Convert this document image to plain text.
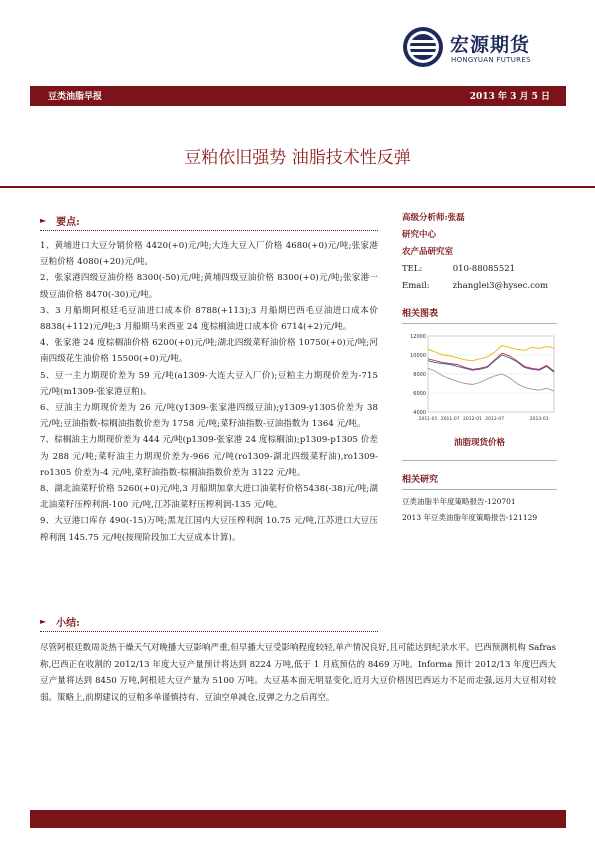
宏源期货
HONGYUAN FUTURES
豆类油脂早报	2013 年 3 月 5 日
豆粕依旧强势 油脂技术性反弹
► 要点:
1、黄埔进口大豆分销价格 4420(+0)元/吨;大连大豆入厂价格 4680(+0)元/吨;张家港豆粕价格 4080(+20)元/吨。
2、张家港四级豆油价格 8300(-50)元/吨;黄埔四级豆油价格 8300(+0)元/吨;张家港一级豆油价格 8470(-30)元/吨。
3、3 月船期阿根廷毛豆油进口成本价 8788(+113);3 月船期巴西毛豆油进口成本价 8838(+112)元/吨;3 月船期马来西亚 24 度棕榈油进口成本价 6714(+2)元/吨。
4、张家港 24 度棕榈油价格 6200(+0)元/吨;湖北四级菜籽油价格 10750(+0)元/吨;河南四级花生油价格 15500(+0)元/吨。
5、豆一主力期现价差为 59 元/吨(a1309-大连大豆入厂价);豆粕主力期现价差为-715 元/吨(m1309-张家港豆粕)。
6、豆油主力期现价差为 26 元/吨(y1309-张家港四级豆油);y1309-y1305价差为 38 元/吨;豆油指数-棕榈油指数价差为 1758 元/吨;菜籽油指数-豆油指数为 1364 元/吨。
7、棕榈油主力期现价差为 444 元/吨(p1309-张家港 24 度棕榈油);p1309-p1305 价差为 288 元/吨;菜籽油主力期现价差为-966 元/吨(ro1309-湖北四级菜籽油),ro1309-ro1305 价差为-4 元/吨,菜籽油指数-棕榈油指数价差为 3122 元/吨。
8、湖北油菜籽价格 5260(+0)元/吨,3 月船期加拿大进口油菜籽价格5438(-38)元/吨;湖北油菜籽压榨利润-100 元/吨,江苏油菜籽压榨利润-135 元/吨。
9、大豆港口库存 490(-15)万吨;黑龙江国内大豆压榨利润 10.75 元/吨,江苏进口大豆压榨利润 145.75 元/吨(按现阶段加工大豆成本计算)。
► 小结:
尽管阿根廷数周炎热干燥天气对晚播大豆影响严重,但早播大豆受影响程度较轻,单产情况良好,且可能达到纪录水平。巴西预测机构 Safras 称,巴西正在收割的 2012/13 年度大豆产量预计将达到 8224 万吨,低于 1 月底预估的 8469 万吨。Informa 预计 2012/13 年度巴西大豆产量将达到 8450 万吨,阿根廷大豆产量为 5100 万吨。大豆基本面无明显变化,近月大豆价格因巴西运力不足而走强,远月大豆相对较弱。策略上,前期建议的豆粕多单谨慎持有、豆油空单减仓,反弹之力之后再空。
高级分析师:张磊
研究中心
农产品研究室
TEL:	010-88085521
Email:	zhanglei3@hysec.com
相关图表
12000
10000
8000
6000
4000
2011-01 2011-07 2012-01 2012-07	2013-01
油脂现货价格
相关研究
豆类油脂半年度策略报告-120701
2013 年豆类油脂年度策略报告-121129
